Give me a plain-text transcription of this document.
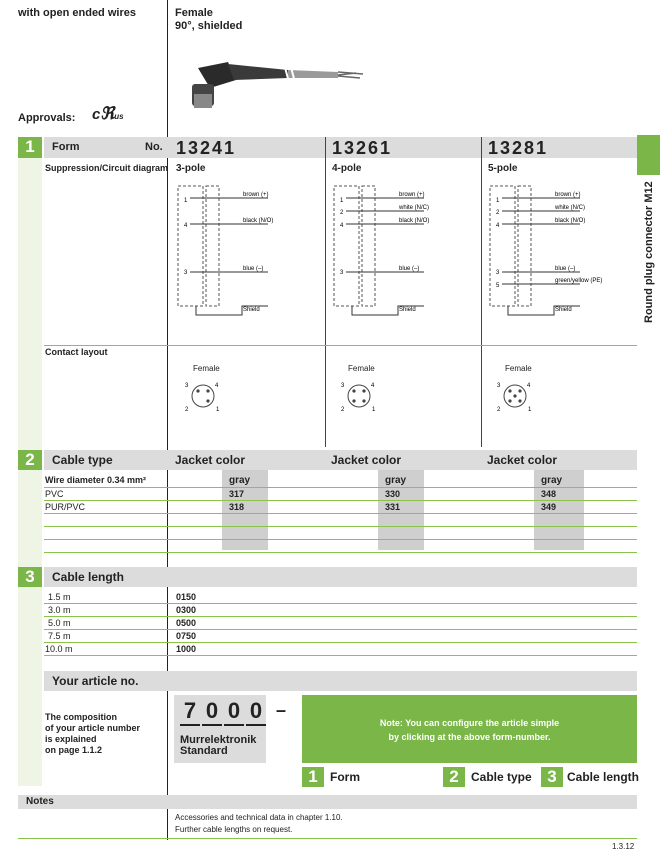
with open ended wires	Female
90°, shielded
Approvals: cℜus
Round plug connector M12
1	Form	No. 13241	13261	13281
Suppression/Circuit diagram 3-pole	4-pole	5-pole
1
4
3
brown (+)
black (N/O)
blue (–)
Shield
1
2
4
3
brown (+)
white (N/C)
black (N/O)
blue (–)
Shield
1
2
4
3
5
brown (+)
white (N/C)
black (N/O)
blue (–)
green/yellow (PE)
Shield
Contact layout
Female	Female	Female
3	4
2	1
3	4
2	1
3	4
2	1
2	Cable type	Jacket color	Jacket color	Jacket color
Wire diameter 0.34 mm²	gray	gray	gray
PVC	317	330	348
PUR/PVC	318	331	349
3	Cable length
1.5 m	0150
3.0 m	0300
5.0 m	0500
7.5 m	0750
10.0 m	1000
Your article no.
The composition
of your article number
is explained
on page 1.1.2
7 0 0 0 –
Murrelektronik
Standard
Note: You can configure the article simple
by clicking at the above form-number.
1	Form	2	Cable type 3 Cable length
Notes
Accessories and technical data in chapter 1.10.
Further cable lengths on request.
1.3.12
